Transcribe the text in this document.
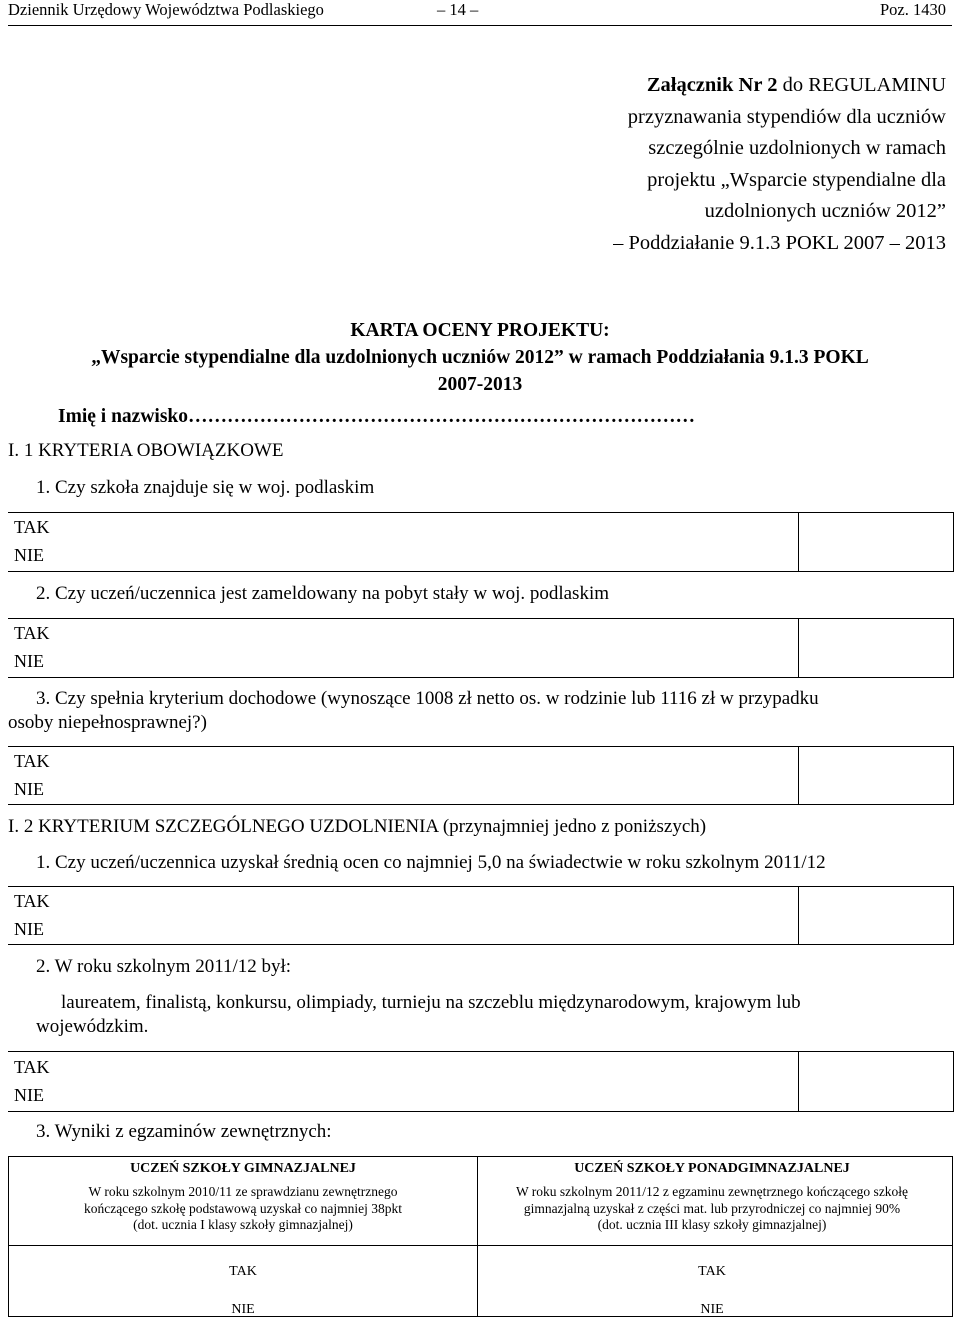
Dziennik Urzędowy Województwa Podlaskiego	– 14 –	Poz. 1430
Załącznik Nr 2 do REGULAMINU
przyznawania stypendiów dla uczniów
szczególnie uzdolnionych w ramach
projektu „Wsparcie stypendialne dla
uzdolnionych uczniów 2012”
– Poddziałanie 9.1.3 POKL 2007 – 2013
KARTA OCENY PROJEKTU:
„Wsparcie stypendialne dla uzdolnionych uczniów 2012” w ramach Poddziałania 9.1.3 POKL
2007-2013
Imię i nazwisko……………………………………………………………………
I. 1 KRYTERIA OBOWIĄZKOWE
1. Czy szkoła znajduje się w woj. podlaskim
TAK
NIE
2. Czy uczeń/uczennica jest zameldowany na pobyt stały w woj. podlaskim
TAK
NIE
3. Czy spełnia kryterium dochodowe (wynoszące 1008 zł netto os. w rodzinie lub 1116 zł w przypadku
osoby niepełnosprawnej?)
TAK
NIE
I. 2 KRYTERIUM SZCZEGÓLNEGO UZDOLNIENIA (przynajmniej jedno z poniższych)
1. Czy uczeń/uczennica uzyskał średnią ocen co najmniej 5,0 na świadectwie w roku szkolnym 2011/12
TAK
NIE
2. W roku szkolnym 2011/12 był:
laureatem, finalistą, konkursu, olimpiady, turnieju na szczeblu międzynarodowym, krajowym lub
wojewódzkim.
TAK
NIE
3. Wyniki z egzaminów zewnętrznych:
UCZEŃ SZKOŁY GIMNAZJALNEJ
W roku szkolnym 2010/11 ze sprawdzianu zewnętrznego
kończącego szkołę podstawową uzyskał co najmniej 38pkt
(dot. ucznia I klasy szkoły gimnazjalnej)
UCZEŃ SZKOŁY PONADGIMNAZJALNEJ
W roku szkolnym 2011/12 z egzaminu zewnętrznego kończącego szkołę
gimnazjalną uzyskał z części mat. lub przyrodniczej co najmniej 90%
(dot. ucznia III klasy szkoły gimnazjalnej)
TAK
NIE
TAK
NIE
